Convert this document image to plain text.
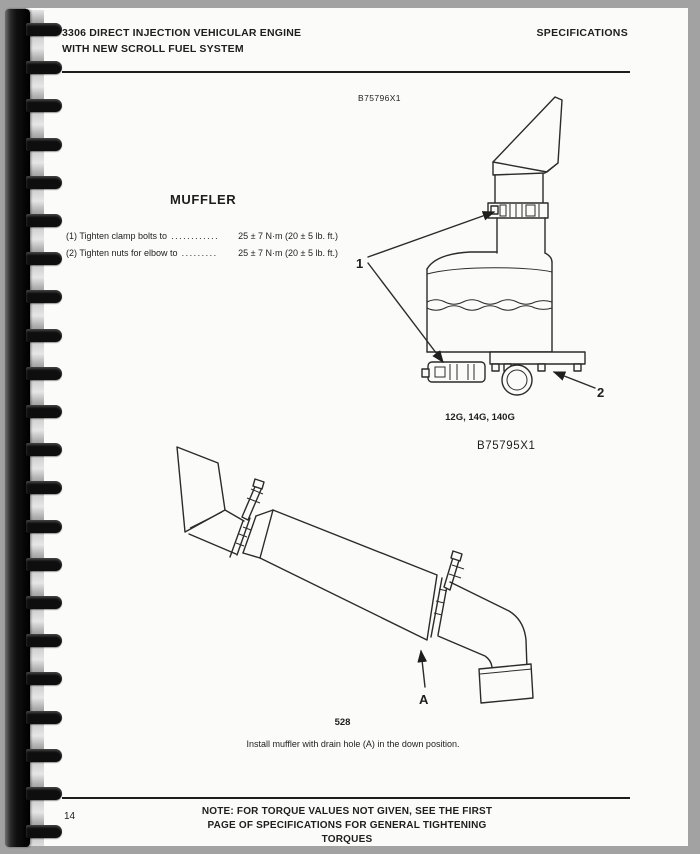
3306 DIRECT INJECTION VEHICULAR ENGINE
WITH NEW SCROLL FUEL SYSTEM
SPECIFICATIONS
B75796X1
MUFFLER
(1) Tighten clamp bolts to ............	25 ± 7 N·m (20 ± 5 lb. ft.)
(2) Tighten nuts for elbow to .........	25 ± 7 N·m (20 ± 5 lb. ft.)
1
2
12G, 14G, 140G
B75795X1
A
528
Install muffler with drain hole (A) in the down position.
NOTE: FOR TORQUE VALUES NOT GIVEN, SEE THE FIRST
PAGE OF SPECIFICATIONS FOR GENERAL TIGHTENING TORQUES
14
